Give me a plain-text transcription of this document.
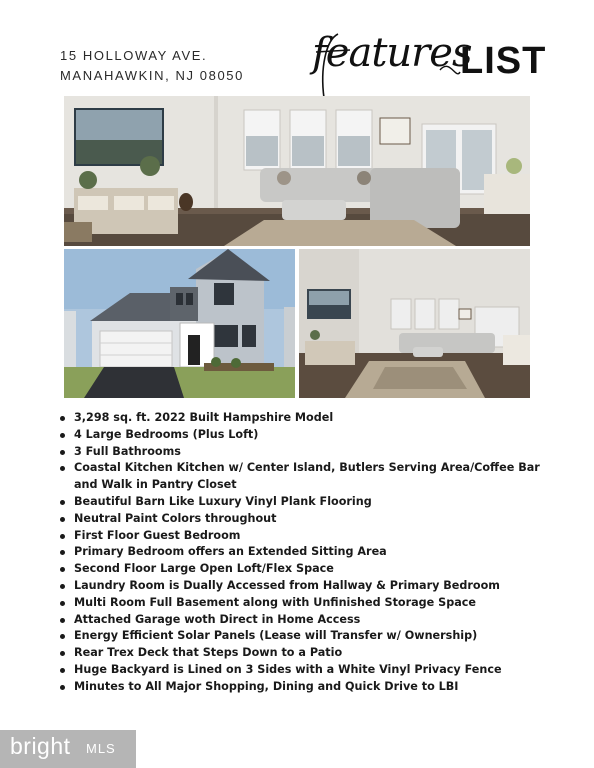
15 HOLLOWAY AVE.
MANAHAWKIN, NJ 08050 features
LIST
3,298 sq. ft. 2022 Built Hampshire Model
4 Large Bedrooms (Plus Loft)
3 Full Bathrooms
Coastal Kitchen Kitchen w/ Center Island, Butlers Serving Area/Coffee Bar and Walk in Pantry Closet
Beautiful Barn Like Luxury Vinyl Plank Flooring
Neutral Paint Colors throughout
First Floor Guest Bedroom
Primary Bedroom offers an Extended Sitting Area
Second Floor Large Open Loft/Flex Space
Laundry Room is Dually Accessed from Hallway & Primary Bedroom
Multi Room Full Basement along with Unfinished Storage Space
Attached Garage woth Direct in Home Access
Energy Efficient Solar Panels (Lease will Transfer w/ Ownership)
Rear Trex Deck that Steps Down to a Patio
Huge Backyard is Lined on 3 Sides with a White Vinyl Privacy Fence
Minutes to All Major Shopping, Dining and Quick Drive to LBI
bright MLS
